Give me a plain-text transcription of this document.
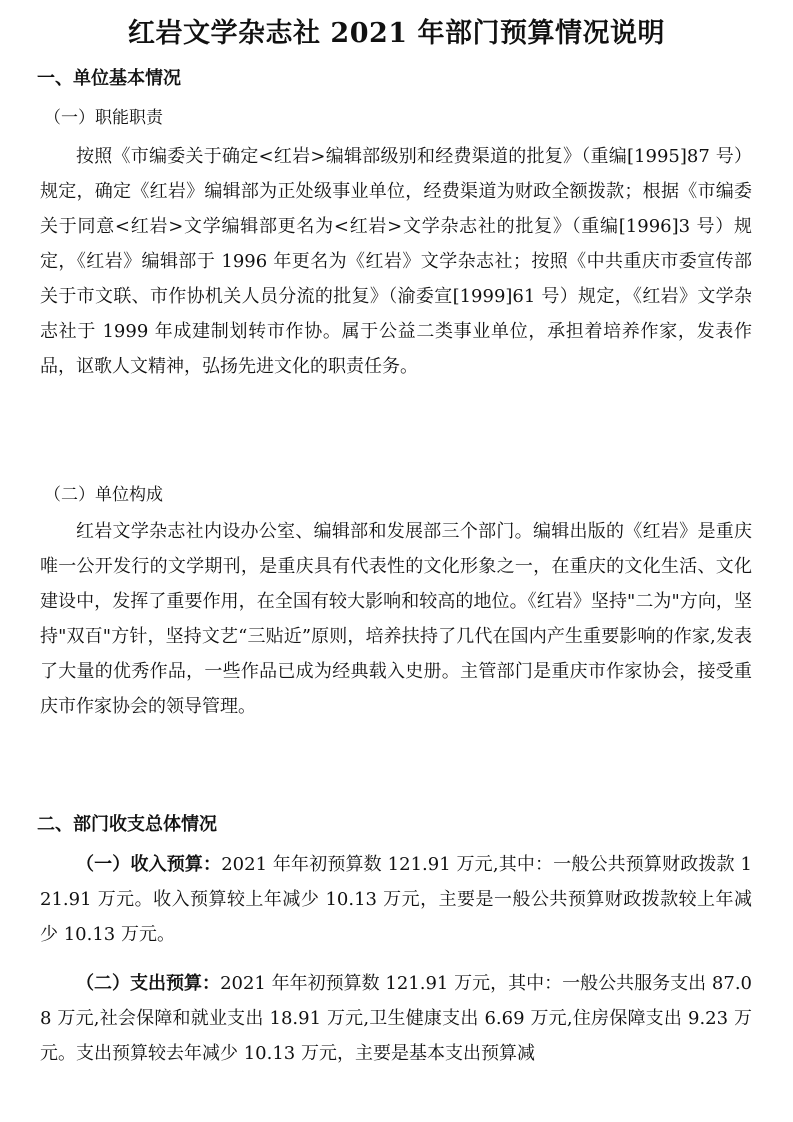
红岩文学杂志社 2021 年部门预算情况说明
一、单位基本情况
（一）职能职责
按照《市编委关于确定<红岩>编辑部级别和经费渠道的批复》（重编[1995]87 号）规定，确定《红岩》编辑部为正处级事业单位，经费渠道为财政全额拨款；根据《市编委关于同意<红岩>文学编辑部更名为<红岩>文学杂志社的批复》（重编[1996]3 号）规定，《红岩》编辑部于 1996 年更名为《红岩》文学杂志社；按照《中共重庆市委宣传部关于市文联、市作协机关人员分流的批复》（渝委宣[1999]61 号）规定，《红岩》文学杂志社于 1999 年成建制划转市作协。属于公益二类事业单位，承担着培养作家，发表作品，讴歌人文精神，弘扬先进文化的职责任务。
（二）单位构成
红岩文学杂志社内设办公室、编辑部和发展部三个部门。编辑出版的《红岩》是重庆唯一公开发行的文学期刊，是重庆具有代表性的文化形象之一，在重庆的文化生活、文化建设中，发挥了重要作用，在全国有较大影响和较高的地位。《红岩》坚持"二为"方向，坚持"双百"方针，坚持文艺“三贴近”原则，培养扶持了几代在国内产生重要影响的作家,发表了大量的优秀作品，一些作品已成为经典载入史册。主管部门是重庆市作家协会，接受重庆市作家协会的领导管理。
二、部门收支总体情况
（一）收入预算：2021 年年初预算数 121.91 万元,其中：一般公共预算财政拨款 121.91 万元。收入预算较上年减少 10.13 万元，主要是一般公共预算财政拨款较上年减少 10.13 万元。
（二）支出预算：2021 年年初预算数 121.91 万元，其中：一般公共服务支出 87.08 万元,社会保障和就业支出 18.91 万元,卫生健康支出 6.69 万元,住房保障支出 9.23 万元。支出预算较去年减少 10.13 万元，主要是基本支出预算减
